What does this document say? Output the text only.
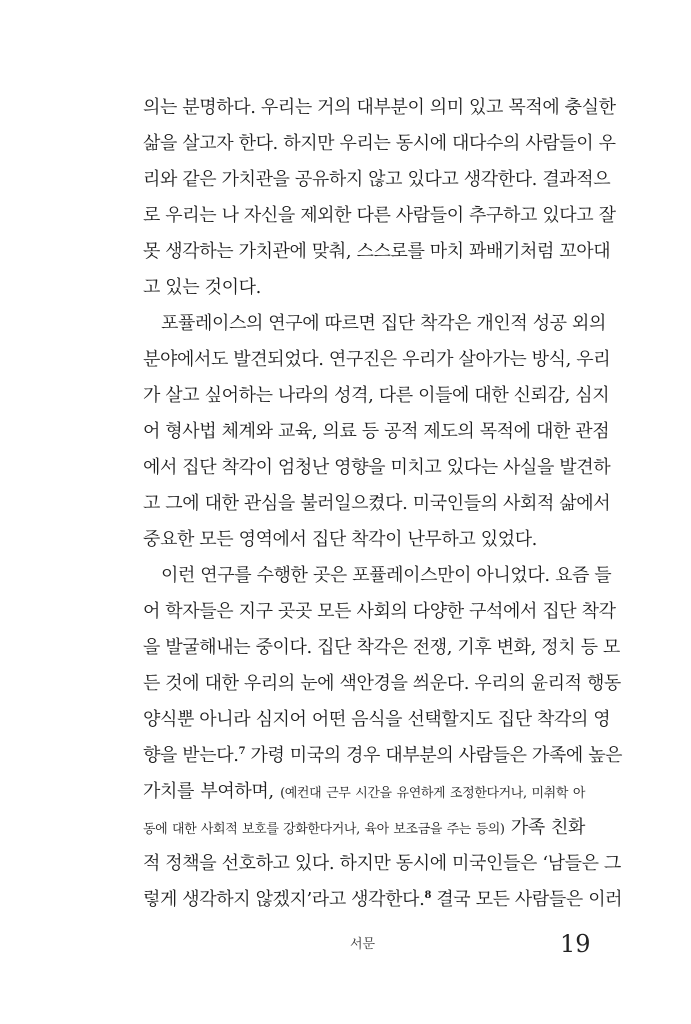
의는 분명하다. 우리는 거의 대부분이 의미 있고 목적에 충실한
삶을 살고자 한다. 하지만 우리는 동시에 대다수의 사람들이 우
리와 같은 가치관을 공유하지 않고 있다고 생각한다. 결과적으
로 우리는 나 자신을 제외한 다른 사람들이 추구하고 있다고 잘
못 생각하는 가치관에 맞춰, 스스로를 마치 꽈배기처럼 꼬아대
고 있는 것이다.
포퓰레이스의 연구에 따르면 집단 착각은 개인적 성공 외의
분야에서도 발견되었다. 연구진은 우리가 살아가는 방식, 우리
가 살고 싶어하는 나라의 성격, 다른 이들에 대한 신뢰감, 심지
어 형사법 체계와 교육, 의료 등 공적 제도의 목적에 대한 관점
에서 집단 착각이 엄청난 영향을 미치고 있다는 사실을 발견하
고 그에 대한 관심을 불러일으켰다. 미국인들의 사회적 삶에서
중요한 모든 영역에서 집단 착각이 난무하고 있었다.
이런 연구를 수행한 곳은 포퓰레이스만이 아니었다. 요즘 들
어 학자들은 지구 곳곳 모든 사회의 다양한 구석에서 집단 착각
을 발굴해내는 중이다. 집단 착각은 전쟁, 기후 변화, 정치 등 모
든 것에 대한 우리의 눈에 색안경을 씌운다. 우리의 윤리적 행동
양식뿐 아니라 심지어 어떤 음식을 선택할지도 집단 착각의 영
향을 받는다.$^7$ 가령 미국의 경우 대부분의 사람들은 가족에 높은
가치를 부여하며, (예컨대 근무 시간을 유연하게 조정한다거나, 미취학 아
동에 대한 사회적 보호를 강화한다거나, 육아 보조금을 주는 등의) 가족 친화
적 정책을 선호하고 있다. 하지만 동시에 미국인들은 ‘남들은 그
렇게 생각하지 않겠지’라고 생각한다.$^8$ 결국 모든 사람들은 이러
서문	19
